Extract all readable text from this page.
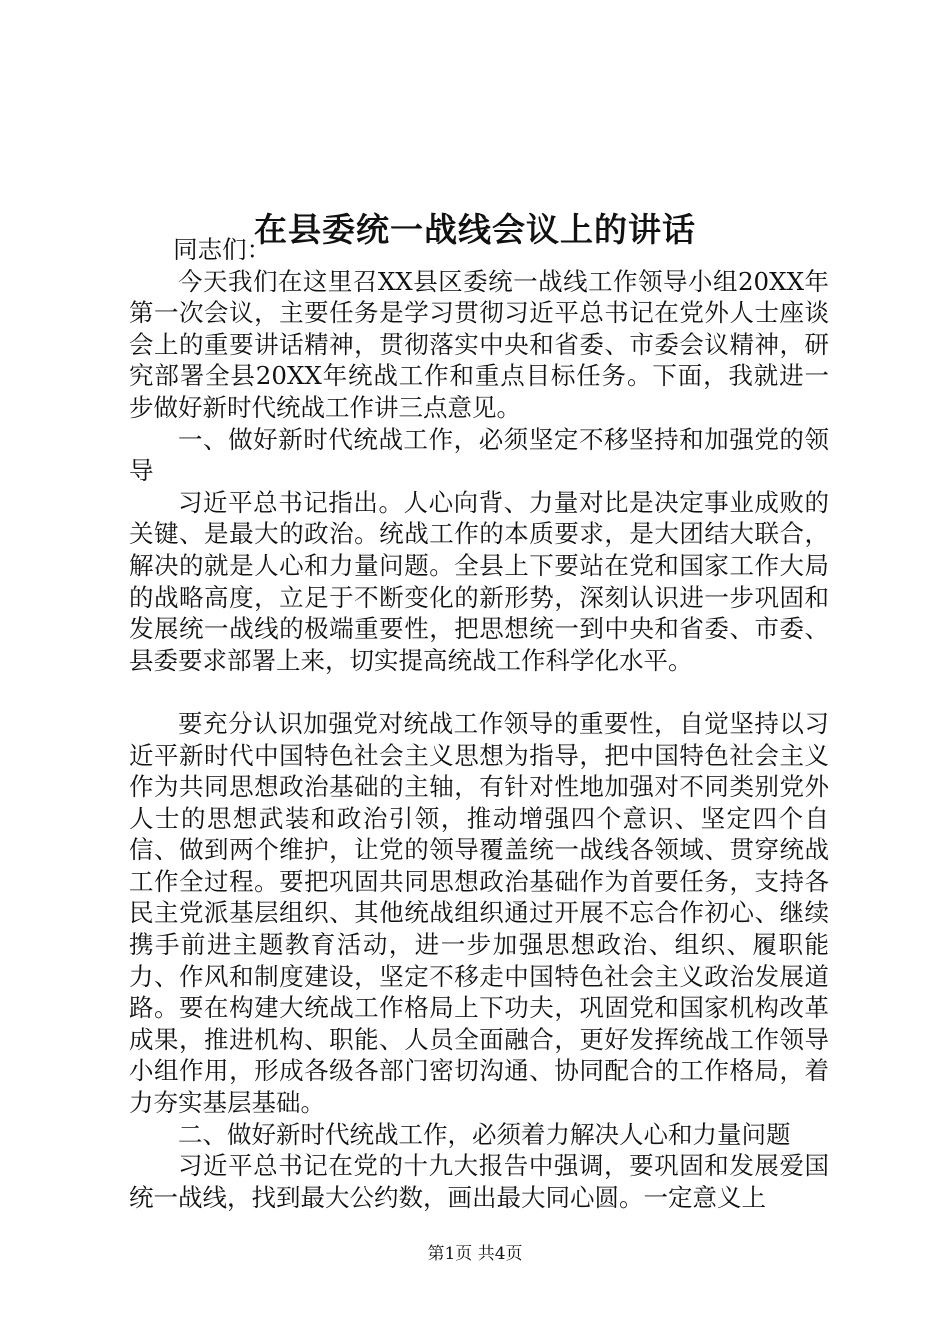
在县委统一战线会议上的讲话

同志们：

今天我们在这里召XX县区委统一战线工作领导小组20XX年第一次会议，主要任务是学习贯彻习近平总书记在党外人士座谈会上的重要讲话精神，贯彻落实中央和省委、市委会议精神，研究部署全县20XX年统战工作和重点目标任务。下面，我就进一步做好新时代统战工作讲三点意见。

一、做好新时代统战工作，必须坚定不移坚持和加强党的领导

习近平总书记指出。人心向背、力量对比是决定事业成败的关键、是最大的政治。统战工作的本质要求，是大团结大联合，解决的就是人心和力量问题。全县上下要站在党和国家工作大局的战略高度，立足于不断变化的新形势，深刻认识进一步巩固和发展统一战线的极端重要性，把思想统一到中央和省委、市委、县委要求部署上来，切实提高统战工作科学化水平。

要充分认识加强党对统战工作领导的重要性，自觉坚持以习近平新时代中国特色社会主义思想为指导，把中国特色社会主义作为共同思想政治基础的主轴，有针对性地加强对不同类别党外人士的思想武装和政治引领，推动增强四个意识、坚定四个自信、做到两个维护，让党的领导覆盖统一战线各领域、贯穿统战工作全过程。要把巩固共同思想政治基础作为首要任务，支持各民主党派基层组织、其他统战组织通过开展不忘合作初心、继续携手前进主题教育活动，进一步加强思想政治、组织、履职能力、作风和制度建设，坚定不移走中国特色社会主义政治发展道路。要在构建大统战工作格局上下功夫，巩固党和国家机构改革成果，推进机构、职能、人员全面融合，更好发挥统战工作领导小组作用，形成各级各部门密切沟通、协同配合的工作格局，着力夯实基层基础。

二、做好新时代统战工作，必须着力解决人心和力量问题

习近平总书记在党的十九大报告中强调，要巩固和发展爱国统一战线，找到最大公约数，画出最大同心圆。一定意义上

第1页 共4页
